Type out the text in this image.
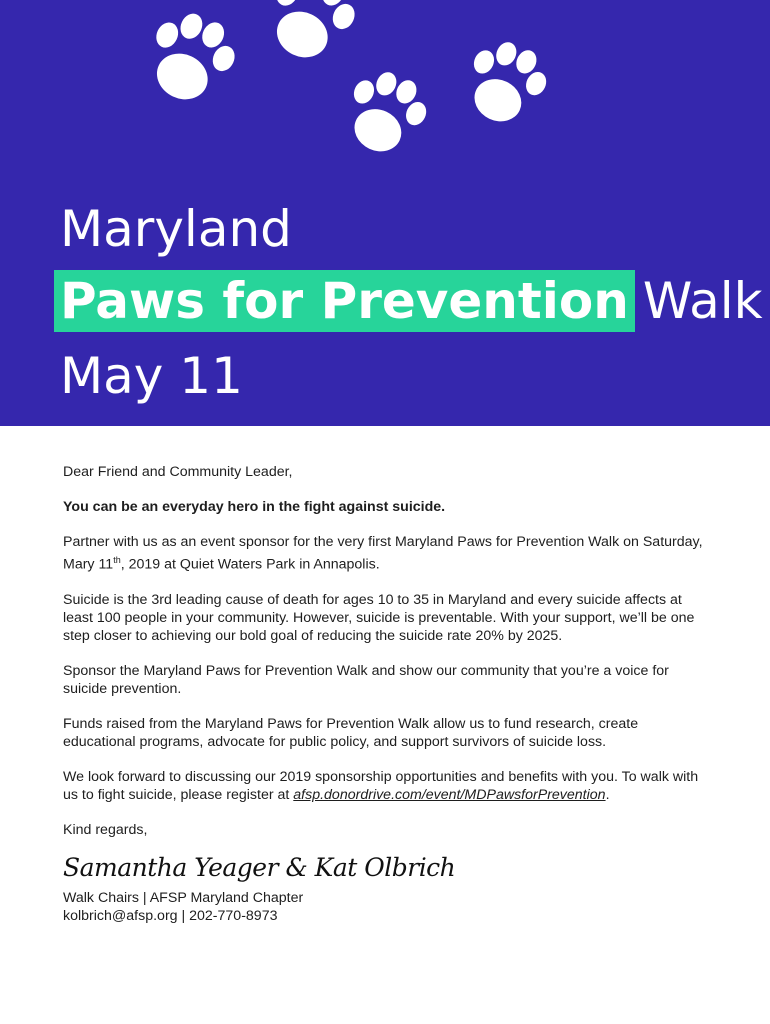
Maryland
Paws for Prevention Walk
May 11

Dear Friend and Community Leader,

You can be an everyday hero in the fight against suicide.

Partner with us as an event sponsor for the very first Maryland Paws for Prevention Walk on Saturday, Mary 11th, 2019 at Quiet Waters Park in Annapolis.

Suicide is the 3rd leading cause of death for ages 10 to 35 in Maryland and every suicide affects at least 100 people in your community. However, suicide is preventable. With your support, we’ll be one step closer to achieving our bold goal of reducing the suicide rate 20% by 2025.

Sponsor the Maryland Paws for Prevention Walk and show our community that you’re a voice for suicide prevention.

Funds raised from the Maryland Paws for Prevention Walk allow us to fund research, create educational programs, advocate for public policy, and support survivors of suicide loss.

We look forward to discussing our 2019 sponsorship opportunities and benefits with you. To walk with us to fight suicide, please register at afsp.donordrive.com/event/MDPawsforPrevention.

Kind regards,

Samantha Yeager & Kat Olbrich

Walk Chairs | AFSP Maryland Chapter

kolbrich@afsp.org | 202-770-8973
